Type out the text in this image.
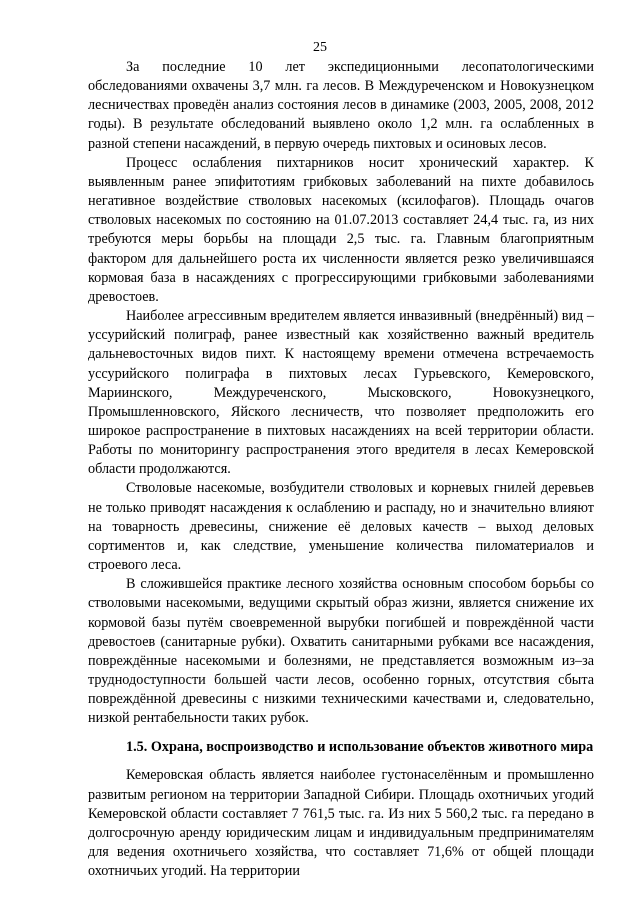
25

За последние 10 лет экспедиционными лесопатологическими обследованиями охвачены 3,7 млн. га лесов. В Междуреченском и Новокузнецком лесничествах проведён анализ состояния лесов в динамике (2003, 2005, 2008, 2012 годы). В результате обследований выявлено около 1,2 млн. га ослабленных в разной степени насаждений, в первую очередь пихтовых и осиновых лесов.

Процесс ослабления пихтарников носит хронический характер. К выявленным ранее эпифитотиям грибковых заболеваний на пихте добавилось негативное воздействие стволовых насекомых (ксилофагов). Площадь очагов стволовых насекомых по состоянию на 01.07.2013 составляет 24,4 тыс. га, из них требуются меры борьбы на площади 2,5 тыс. га. Главным благоприятным фактором для дальнейшего роста их численности является резко увеличившаяся кормовая база в насаждениях с прогрессирующими грибковыми заболеваниями древостоев.

Наиболее агрессивным вредителем является инвазивный (внедрённый) вид – уссурийский полиграф, ранее известный как хозяйственно важный вредитель дальневосточных видов пихт. К настоящему времени отмечена встречаемость уссурийского полиграфа в пихтовых лесах Гурьевского, Кемеровского, Мариинского, Междуреченского, Мысковского, Новокузнецкого, Промышленновского, Яйского лесничеств, что позволяет предположить его широкое распространение в пихтовых насаждениях на всей территории области. Работы по мониторингу распространения этого вредителя в лесах Кемеровской области продолжаются.

Стволовые насекомые, возбудители стволовых и корневых гнилей деревьев не только приводят насаждения к ослаблению и распаду, но и значительно влияют на товарность древесины, снижение её деловых качеств – выход деловых сортиментов и, как следствие, уменьшение количества пиломатериалов и строевого леса.

В сложившейся практике лесного хозяйства основным способом борьбы со стволовыми насекомыми, ведущими скрытый образ жизни, является снижение их кормовой базы путём своевременной вырубки погибшей и повреждённой части древостоев (санитарные рубки). Охватить санитарными рубками все насаждения, повреждённые насекомыми и болезнями, не представляется возможным из–за труднодоступности большей части лесов, особенно горных, отсутствия сбыта повреждённой древесины с низкими техническими качествами и, следовательно, низкой рентабельности таких рубок.

1.5. Охрана, воспроизводство и использование объектов животного мира

Кемеровская область является наиболее густонаселённым и промышленно развитым регионом на территории Западной Сибири. Площадь охотничьих угодий Кемеровской области составляет 7 761,5 тыс. га. Из них 5 560,2 тыс. га передано в долгосрочную аренду юридическим лицам и индивидуальным предпринимателям для ведения охотничьего хозяйства, что составляет 71,6% от общей площади охотничьих угодий. На территории
